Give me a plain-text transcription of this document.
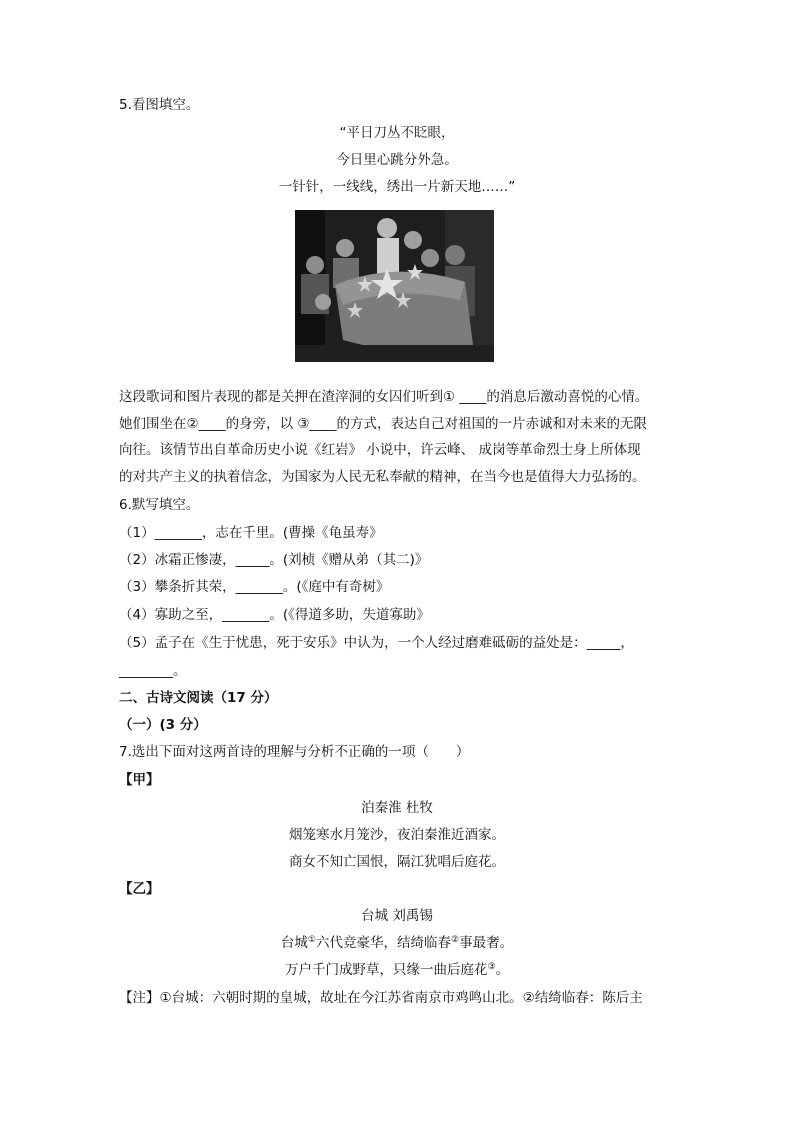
5.看图填空。
“平日刀丛不眨眼，
今日里心跳分外急。
一针针，一线线，绣出一片新天地……”
这段歌词和图片表现的都是关押在渣滓洞的女囚们听到① ____的消息后激动喜悦的心情。
她们围坐在②____的身旁，以 ③____的方式，表达自己对祖国的一片赤诚和对未来的无限
向往。该情节出自革命历史小说《红岩》 小说中，许云峰、 成岗等革命烈士身上所体现
的对共产主义的执着信念，为国家为人民无私奉献的精神，在当今也是值得大力弘扬的。
6.默写填空。
（1）_______，志在千里。(曹操《龟虽寿》
（2）冰霜正惨凄，_____。(刘桢《赠从弟（其二)》
（3）攀条折其荣，_______。(《庭中有奇树》
（4）寡助之至，_______。(《得道多助，失道寡助》
（5）孟子在《生于忧患，死于安乐》中认为，一个人经过磨难砥砺的益处是：_____，
________。
二、古诗文阅读（17 分）
（一）(3 分）
7.选出下面对这两首诗的理解与分析不正确的一项（　　）
【甲】
泊秦淮 杜牧
烟笼寒水月笼沙，夜泊秦淮近酒家。
商女不知亡国恨，隔江犹唱后庭花。
【乙】
台城 刘禹锡
台城①六代竞豪华，结绮临春②事最奢。
万户千门成野草，只缘一曲后庭花③。
【注】①台城：六朝时期的皇城，故址在今江苏省南京市鸡鸣山北。②结绮临春：陈后主
